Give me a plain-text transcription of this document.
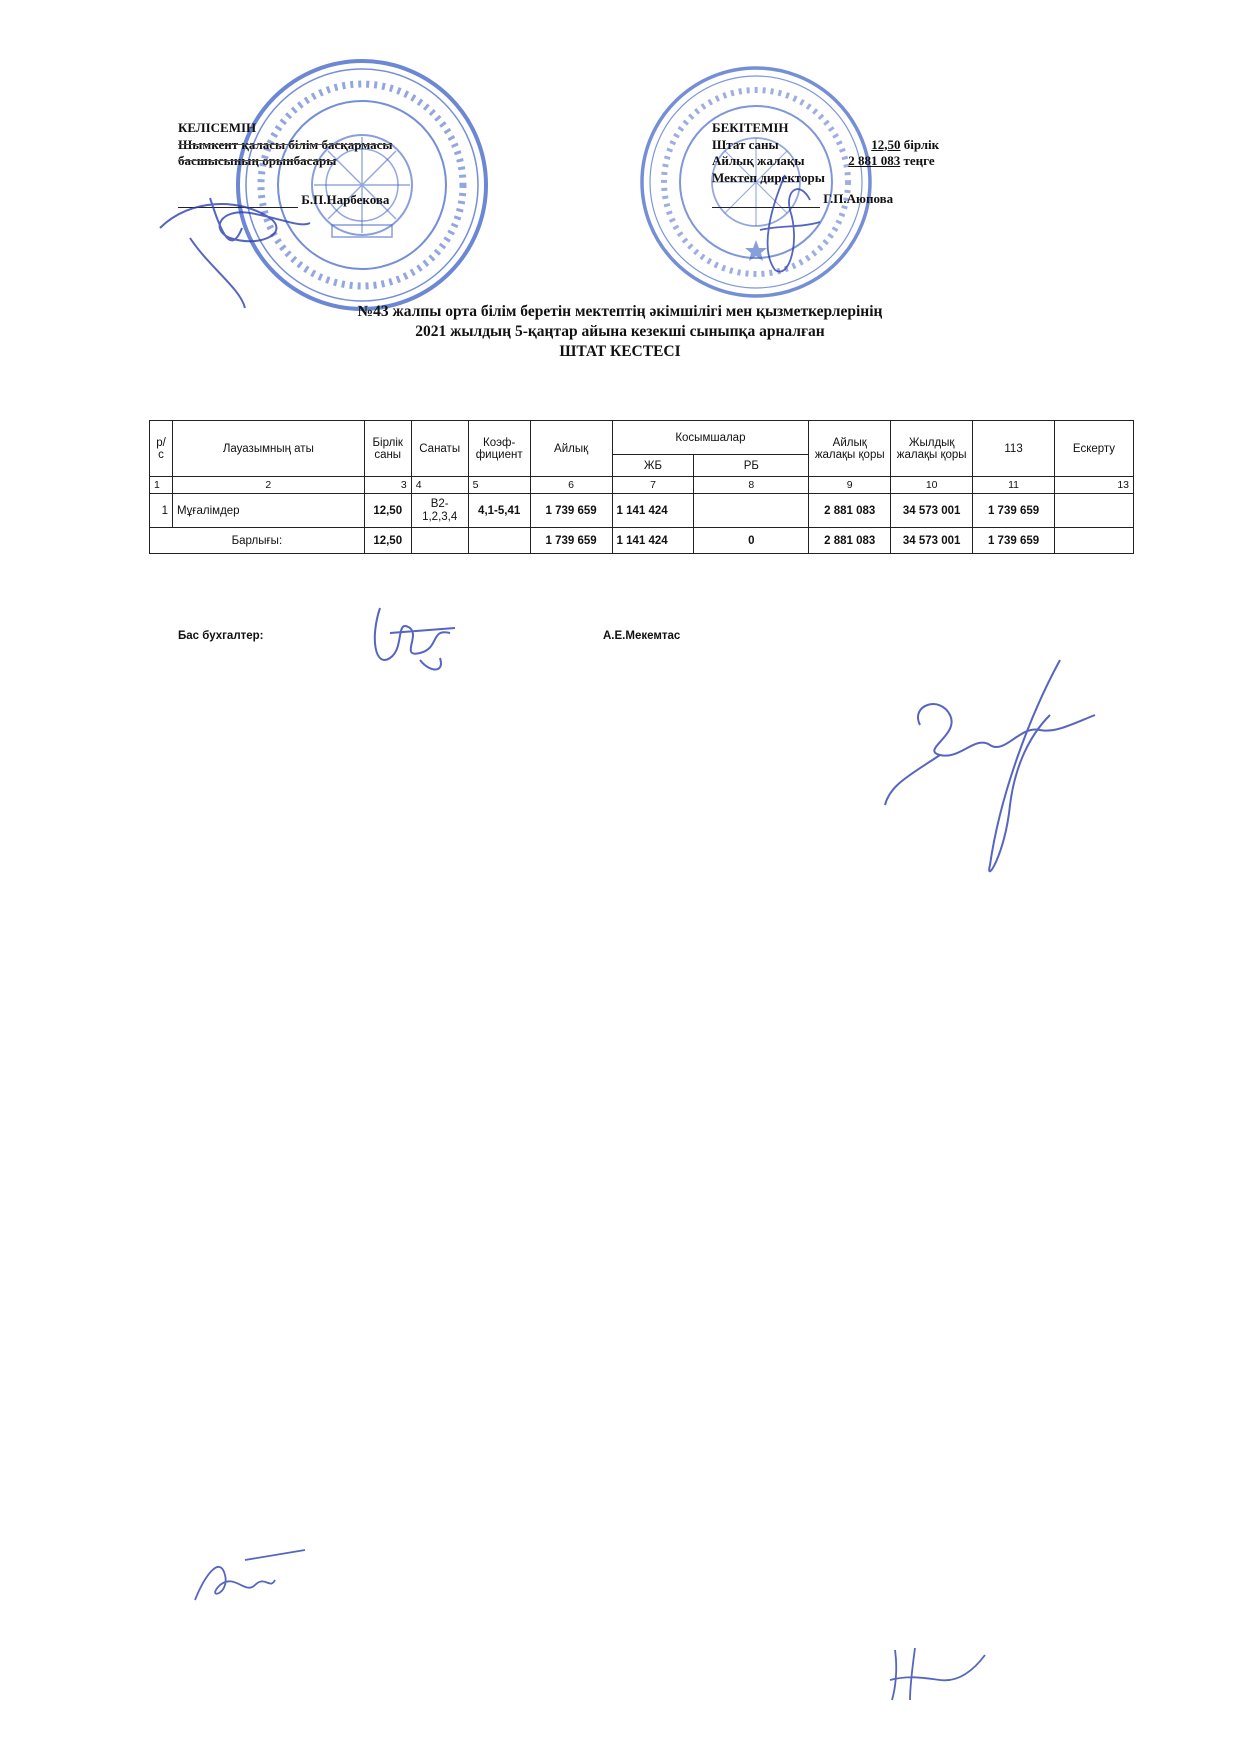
КЕЛІСЕМІН
Шымкент қаласы білім басқармасы
басшысының орынбасары
Б.П.Нарбекова
БЕКІТЕМІН
Штат саны	12,50 бірлік
Айлық жалақы	2 881 083 теңге
Мектеп директоры
Г.П.Аюпова
№43 жалпы орта білім беретін мектептің әкімшілігі мен қызметкерлерінің
2021 жылдың 5-қаңтар айына кезекші сыныпқа арналған
ШТАТ КЕСТЕСІ
р/с	Лауазымның аты	Бірлік саны	Санаты	Коэф-фициент	Айлық	Косымшалар		Айлық жалақы қоры	Жылдық жалақы қоры	113	Ескерту
						ЖБ	РБ				
1	2	3	4	5	6	7	8	9	10	11	13
1	Мұғалімдер	12,50	B2-1,2,3,4	4,1-5,41	1 739 659	1 141 424		2 881 083	34 573 001	1 739 659	
Барлығы:		12,50			1 739 659	1 141 424	0	2 881 083	34 573 001	1 739 659	
Бас бухгалтер:	А.Е.Мекемтас
